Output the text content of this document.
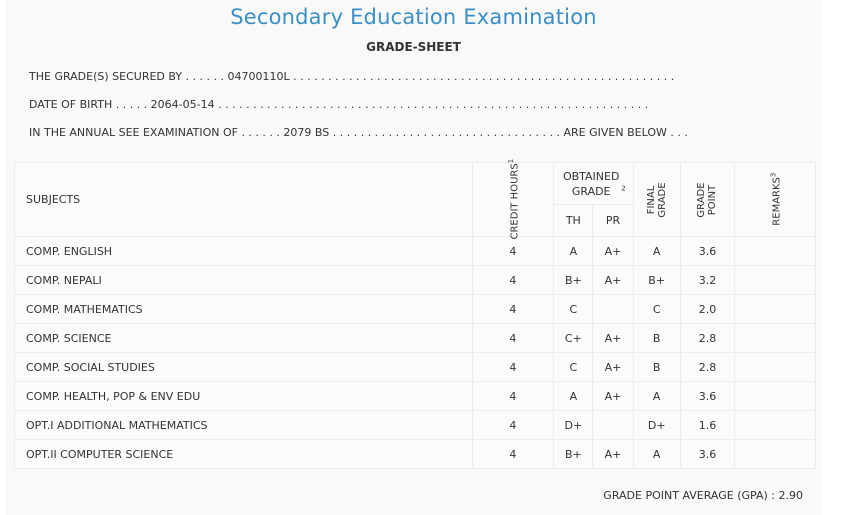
Secondary Education Examination
GRADE-SHEET
THE GRADE(S) SECURED BY . . . . . . 04700110L . . . . . . . . . . . . . . . . . . . . . . . . . . . . . . . . . . . . . . . . . . . . . . . . . . . . . . .
DATE OF BIRTH . . . . . 2064-05-14 . . . . . . . . . . . . . . . . . . . . . . . . . . . . . . . . . . . . . . . . . . . . . . . . . . . . . . . . . . . . . .
IN THE ANNUAL SEE EXAMINATION OF . . . . . . 2079 BS . . . . . . . . . . . . . . . . . . . . . . . . . . . . . . . . . ARE GIVEN BELOW . . .
SUBJECTS	CREDIT HOURS$^1$	OBTAINED GRADE $^2$		FINAL GRADE	GRADE POINT	REMARKS$^3$
		TH	PR			
COMP. ENGLISH	4	A	A+	A	3.6	
COMP. NEPALI	4	B+	A+	B+	3.2	
COMP. MATHEMATICS	4	C		C	2.0	
COMP. SCIENCE	4	C+	A+	B	2.8	
COMP. SOCIAL STUDIES	4	C	A+	B	2.8	
COMP. HEALTH, POP & ENV EDU	4	A	A+	A	3.6	
OPT.I ADDITIONAL MATHEMATICS	4	D+		D+	1.6	
OPT.II COMPUTER SCIENCE	4	B+	A+	A	3.6	
GRADE POINT AVERAGE (GPA) : 2.90
